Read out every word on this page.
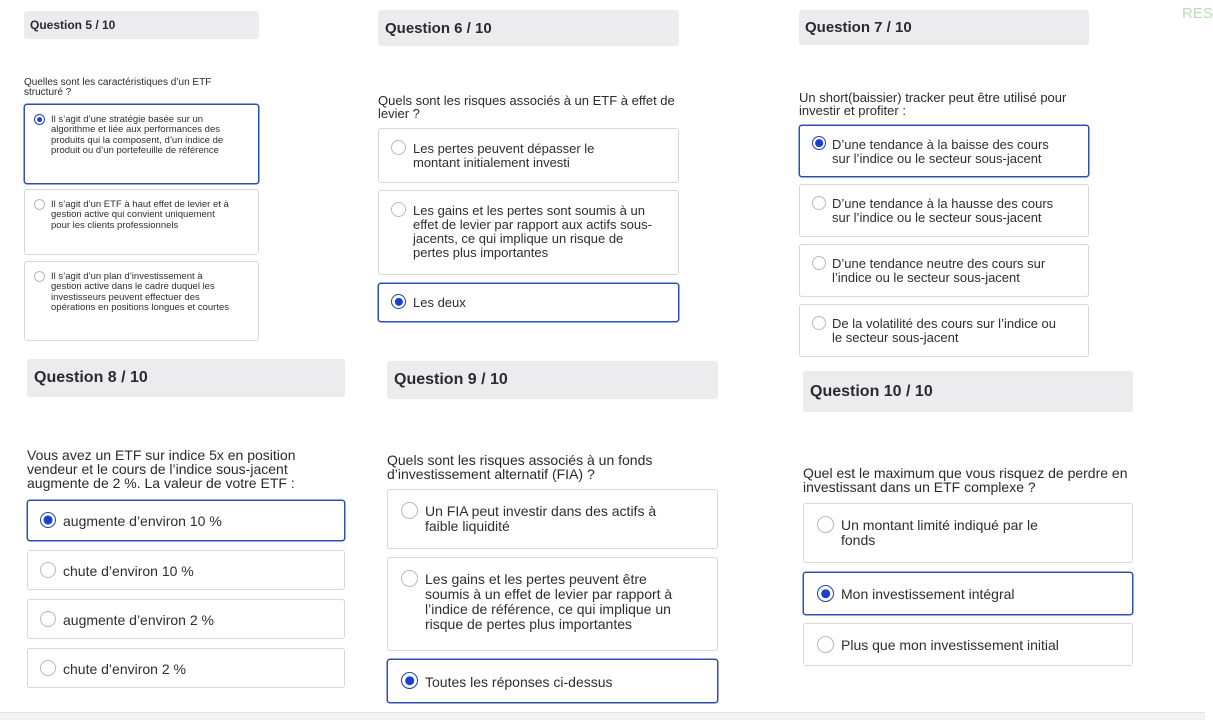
RES
Question 5 / 10
Quelles sont les caractéristiques d’un ETF structuré ?
Il s’agit d’une stratégie basée sur un algorithme et liée aux performances des produits qui la composent, d’un indice de produit ou d’un portefeuille de référence
Il s’agit d’un ETF à haut effet de levier et à gestion active qui convient uniquement pour les clients professionnels
Il s’agit d’un plan d’investissement à gestion active dans le cadre duquel les investisseurs peuvent effectuer des opérations en positions longues et courtes
Question 6 / 10
Quels sont les risques associés à un ETF à effet de levier ?
Les pertes peuvent dépasser le montant initialement investi
Les gains et les pertes sont soumis à un effet de levier par rapport aux actifs sous-jacents, ce qui implique un risque de pertes plus importantes
Les deux
Question 7 / 10
Un short(baissier) tracker peut être utilisé pour investir et profiter :
D’une tendance à la baisse des cours sur l’indice ou le secteur sous-jacent
D’une tendance à la hausse des cours sur l’indice ou le secteur sous-jacent
D’une tendance neutre des cours sur l’indice ou le secteur sous-jacent
De la volatilité des cours sur l’indice ou le secteur sous-jacent
Question 8 / 10
Vous avez un ETF sur indice 5x en position vendeur et le cours de l’indice sous-jacent augmente de 2 %. La valeur de votre ETF :
augmente d’environ 10 %
chute d’environ 10 %
augmente d’environ 2 %
chute d’environ 2 %
Question 9 / 10
Quels sont les risques associés à un fonds d’investissement alternatif (FIA) ?
Un FIA peut investir dans des actifs à faible liquidité
Les gains et les pertes peuvent être soumis à un effet de levier par rapport à l’indice de référence, ce qui implique un risque de pertes plus importantes
Toutes les réponses ci-dessus
Question 10 / 10
Quel est le maximum que vous risquez de perdre en investissant dans un ETF complexe ?
Un montant limité indiqué par le fonds
Mon investissement intégral
Plus que mon investissement initial
